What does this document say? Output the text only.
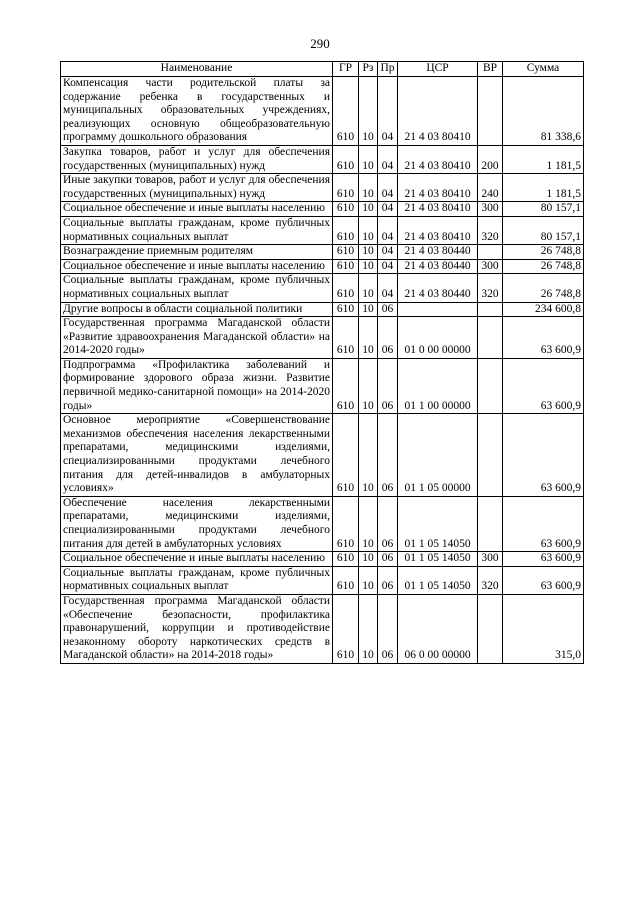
290
Наименование	ГР	Рз	Пр	ЦСР	ВР	Сумма
Компенсация части родительской платы за содержание ребенка в государственных и муниципальных образовательных учреждениях, реализующих основную общеобразовательную программу дошкольного образования	610	10	04	21 4 03 80410		81 338,6
Закупка товаров, работ и услуг для обеспечения государственных (муниципальных) нужд	610	10	04	21 4 03 80410	200	1 181,5
Иные закупки товаров, работ и услуг для обеспечения государственных (муниципальных) нужд	610	10	04	21 4 03 80410	240	1 181,5
Социальное обеспечение и иные выплаты населению	610	10	04	21 4 03 80410	300	80 157,1
Социальные выплаты гражданам, кроме публичных нормативных социальных выплат	610	10	04	21 4 03 80410	320	80 157,1
Вознаграждение приемным родителям	610	10	04	21 4 03 80440		26 748,8
Социальное обеспечение и иные выплаты населению	610	10	04	21 4 03 80440	300	26 748,8
Социальные выплаты гражданам, кроме публичных нормативных социальных выплат	610	10	04	21 4 03 80440	320	26 748,8
Другие вопросы в области социальной политики	610	10	06			234 600,8
Государственная программа Магаданской области «Развитие здравоохранения Магаданской области» на 2014-2020 годы»	610	10	06	01 0 00 00000		63 600,9
Подпрограмма «Профилактика заболеваний и формирование здорового образа жизни. Развитие первичной медико-санитарной помощи» на 2014-2020 годы»	610	10	06	01 1 00 00000		63 600,9
Основное мероприятие «Совершенствование механизмов обеспечения населения лекарственными препаратами, медицинскими изделиями, специализированными продуктами лечебного питания для детей-инвалидов в амбулаторных условиях»	610	10	06	01 1 05 00000		63 600,9
Обеспечение населения лекарственными препаратами, медицинскими изделиями, специализированными продуктами лечебного питания для детей в амбулаторных условиях	610	10	06	01 1 05 14050		63 600,9
Социальное обеспечение и иные выплаты населению	610	10	06	01 1 05 14050	300	63 600,9
Социальные выплаты гражданам, кроме публичных нормативных социальных выплат	610	10	06	01 1 05 14050	320	63 600,9
Государственная программа Магаданской области «Обеспечение безопасности, профилактика правонарушений, коррупции и противодействие незаконному обороту наркотических средств в Магаданской области» на 2014-2018 годы»	610	10	06	06 0 00 00000		315,0
